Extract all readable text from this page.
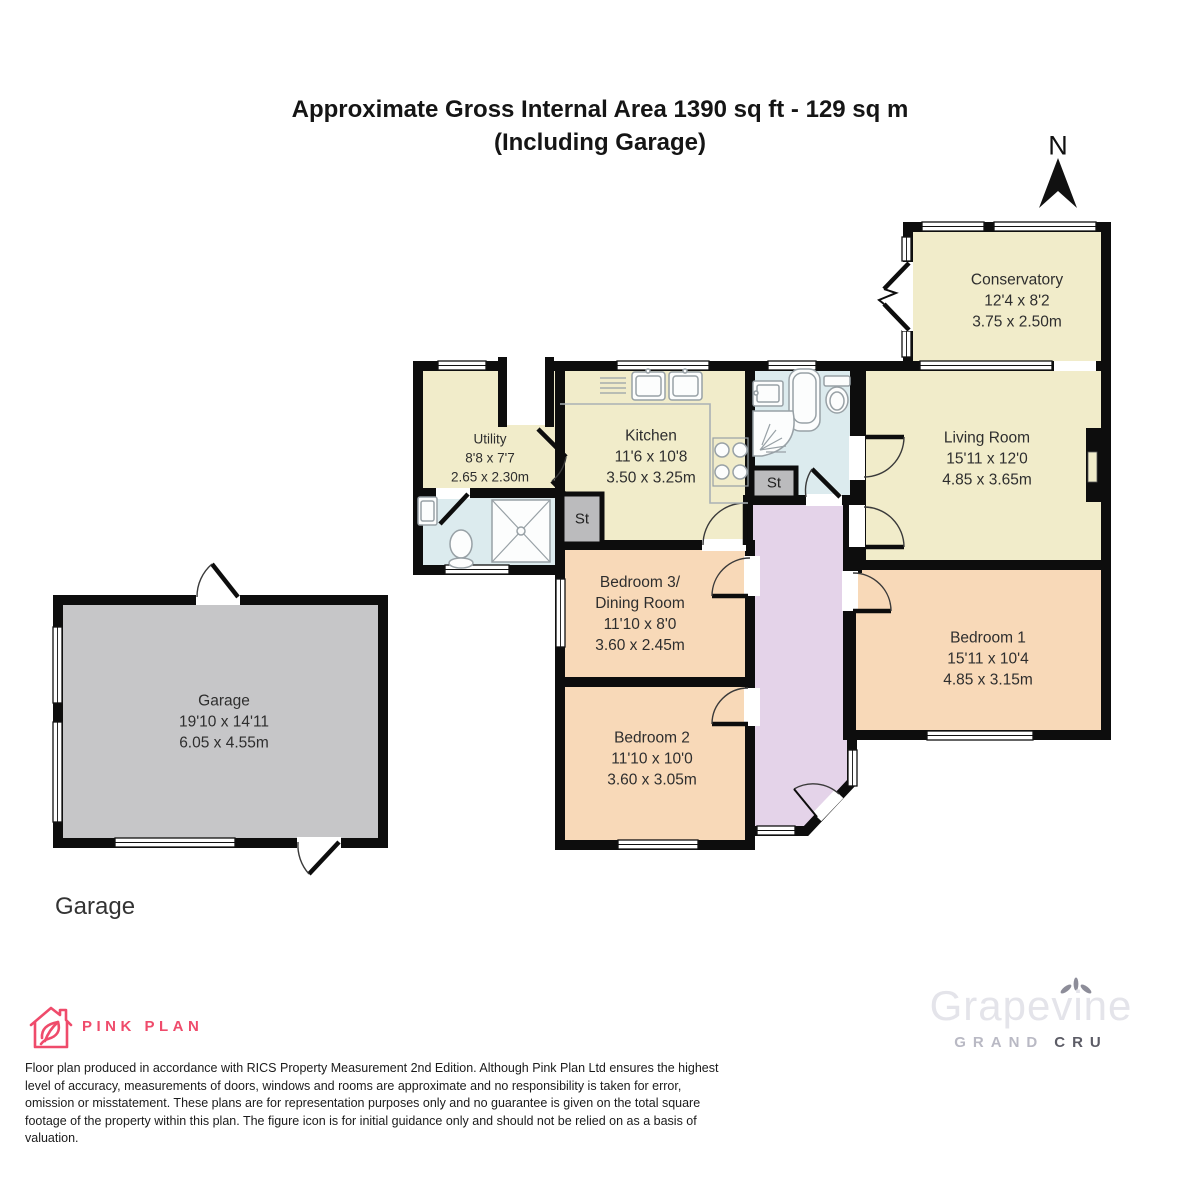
Approximate Gross Internal Area 1390 sq ft - 129 sq m
(Including Garage)
Conservatory
12'4 x 8'2
3.75 x 2.50m
Living Room
15'11 x 12'0
4.85 x 3.65m
Kitchen
11'6 x 10'8
3.50 x 3.25m
Utility
8'8 x 7'7
2.65 x 2.30m
Bedroom 3/
Dining Room
11'10 x 8'0
3.60 x 2.45m
Bedroom 2
11'10 x 10'0
3.60 x 3.05m
Bedroom 1
15'11 x 10'4
4.85 x 3.15m
Garage
19'10 x 14'11
6.05 x 4.55m
St
St
N
Garage
PINK PLAN
Floor plan produced in accordance with RICS Property Measurement 2nd Edition. Although Pink Plan Ltd ensures the highest level of accuracy, measurements of doors, windows and rooms are approximate and no responsibility is taken for error, omission or misstatement. These plans are for representation purposes only and no guarantee is given on the total square footage of the property within this plan. The figure icon is for initial guidance only and should not be relied on as a basis of valuation.
Grapevine
GRAND CRU
